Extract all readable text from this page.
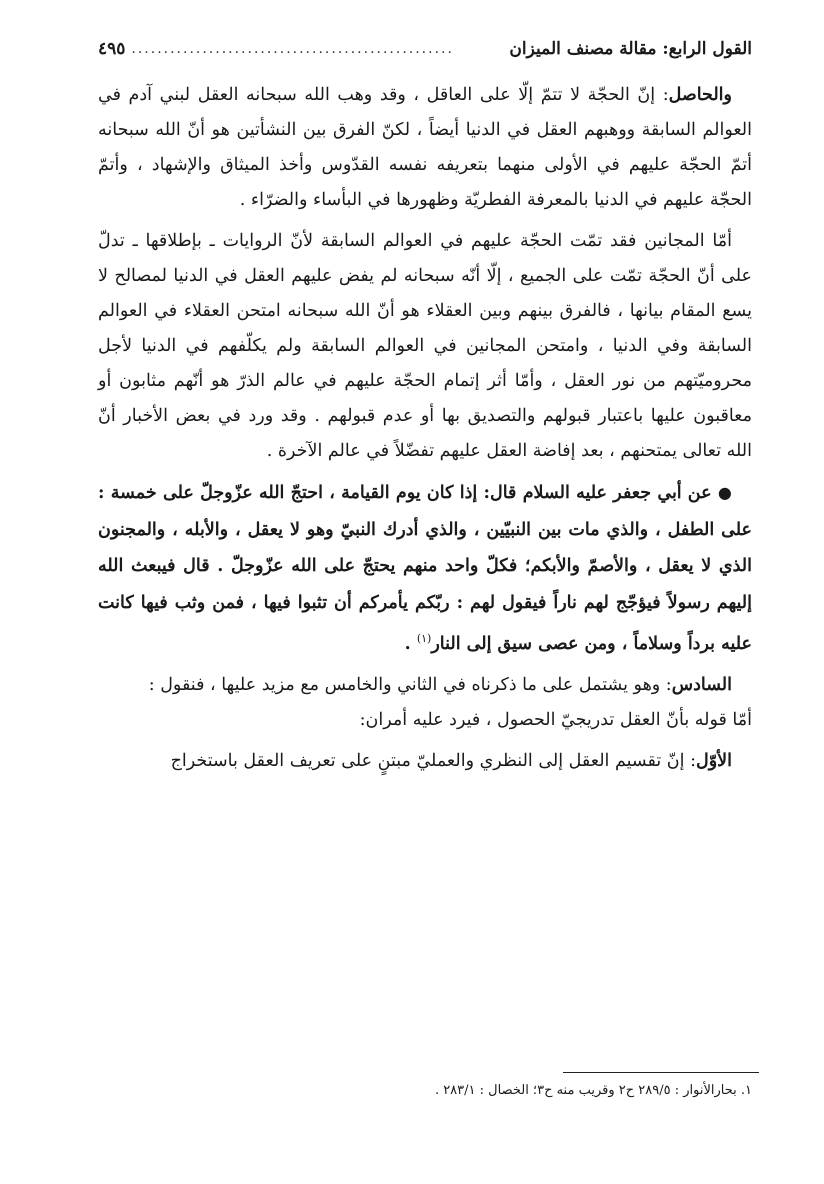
القول الرابع: مقالة مصنف الميزان
..................................................
٤٩٥

والحاصل: إنّ الحجّة لا تتمّ إلّا على العاقل ، وقد وهب الله سبحانه العقل لبني آدم في العوالم السابقة ووهبهم العقل في الدنيا أيضاً ، لكنّ الفرق بين النشأتين هو أنّ الله سبحانه أتمّ الحجّة عليهم في الأولى منهما بتعريفه نفسه القدّوس وأخذ الميثاق والإشهاد ، وأتمّ الحجّة عليهم في الدنيا بالمعرفة الفطريّة وظهورها في البأساء والضرّاء .

أمّا المجانين فقد تمّت الحجّة عليهم في العوالم السابقة لأنّ الروايات ـ بإطلاقها ـ تدلّ على أنّ الحجّة تمّت على الجميع ، إلّا أنّه سبحانه لم يفض عليهم العقل في الدنيا لمصالح لا يسع المقام بيانها ، فالفرق بينهم وبين العقلاء هو أنّ الله سبحانه امتحن العقلاء في العوالم السابقة وفي الدنيا ، وامتحن المجانين في العوالم السابقة ولم يكلّفهم في الدنيا لأجل محروميّتهم من نور العقل ، وأمّا أثر إتمام الحجّة عليهم في عالم الذرّ هو أنّهم مثابون أو معاقبون عليها باعتبار قبولهم والتصديق بها أو عدم قبولهم . وقد ورد في بعض الأخبار أنّ الله تعالى يمتحنهم ، بعد إفاضة العقل عليهم تفضّلاً في عالم الآخرة .

● عن أبي جعفر عليه السلام قال: إذا كان يوم القيامة ، احتجّ الله عزّوجلّ على خمسة : على الطفل ، والذي مات بين النبيّين ، والذي أدرك النبيّ وهو لا يعقل ، والأبله ، والمجنون الذي لا يعقل ، والأصمّ والأبكم؛ فكلّ واحد منهم يحتجّ على الله عزّوجلّ . قال فيبعث الله إليهم رسولاً فيؤجّج لهم ناراً فيقول لهم : ربّكم يأمركم أن تثبوا فيها ، فمن وثب فيها كانت عليه برداً وسلاماً ، ومن عصى سيق إلى النار$^{(١)}$ .

السادس: وهو يشتمل على ما ذكرناه في الثاني والخامس مع مزيد عليها ، فنقول :
أمّا قوله بأنّ العقل تدريجيّ الحصول ، فيرد عليه أمران:

الأوّل: إنّ تقسيم العقل إلى النظري والعمليّ مبتنٍ على تعريف العقل باستخراج

١. بحارالأنوار : ٢٨٩/٥ ح٢ وقريب منه ح٣؛ الخصال : ٢٨٣/١ .
